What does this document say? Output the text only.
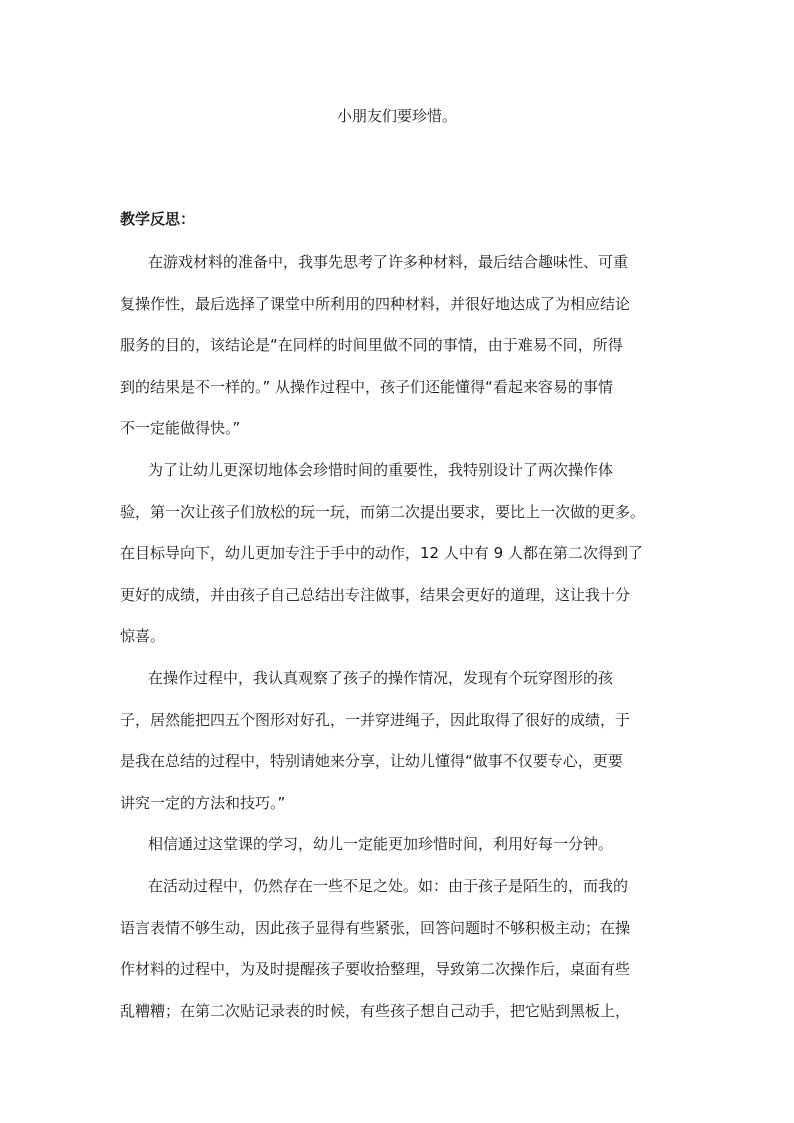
小朋友们要珍惜。
教学反思：
在游戏材料的准备中，我事先思考了许多种材料，最后结合趣味性、可重
复操作性，最后选择了课堂中所利用的四种材料，并很好地达成了为相应结论
服务的目的，该结论是“在同样的时间里做不同的事情，由于难易不同，所得
到的结果是不一样的。” 从操作过程中，孩子们还能懂得“看起来容易的事情
不一定能做得快。”
为了让幼儿更深切地体会珍惜时间的重要性，我特别设计了两次操作体
验，第一次让孩子们放松的玩一玩，而第二次提出要求，要比上一次做的更多。
在目标导向下，幼儿更加专注于手中的动作，12 人中有 9 人都在第二次得到了
更好的成绩，并由孩子自己总结出专注做事，结果会更好的道理，这让我十分
惊喜。
在操作过程中，我认真观察了孩子的操作情况，发现有个玩穿图形的孩
子，居然能把四五个图形对好孔，一并穿进绳子，因此取得了很好的成绩，于
是我在总结的过程中，特别请她来分享，让幼儿懂得“做事不仅要专心，更要
讲究一定的方法和技巧。”
相信通过这堂课的学习，幼儿一定能更加珍惜时间，利用好每一分钟。
在活动过程中，仍然存在一些不足之处。如：由于孩子是陌生的，而我的
语言表情不够生动，因此孩子显得有些紧张，回答问题时不够积极主动；在操
作材料的过程中，为及时提醒孩子要收拾整理，导致第二次操作后，桌面有些
乱糟糟；在第二次贴记录表的时候，有些孩子想自己动手，把它贴到黑板上，
